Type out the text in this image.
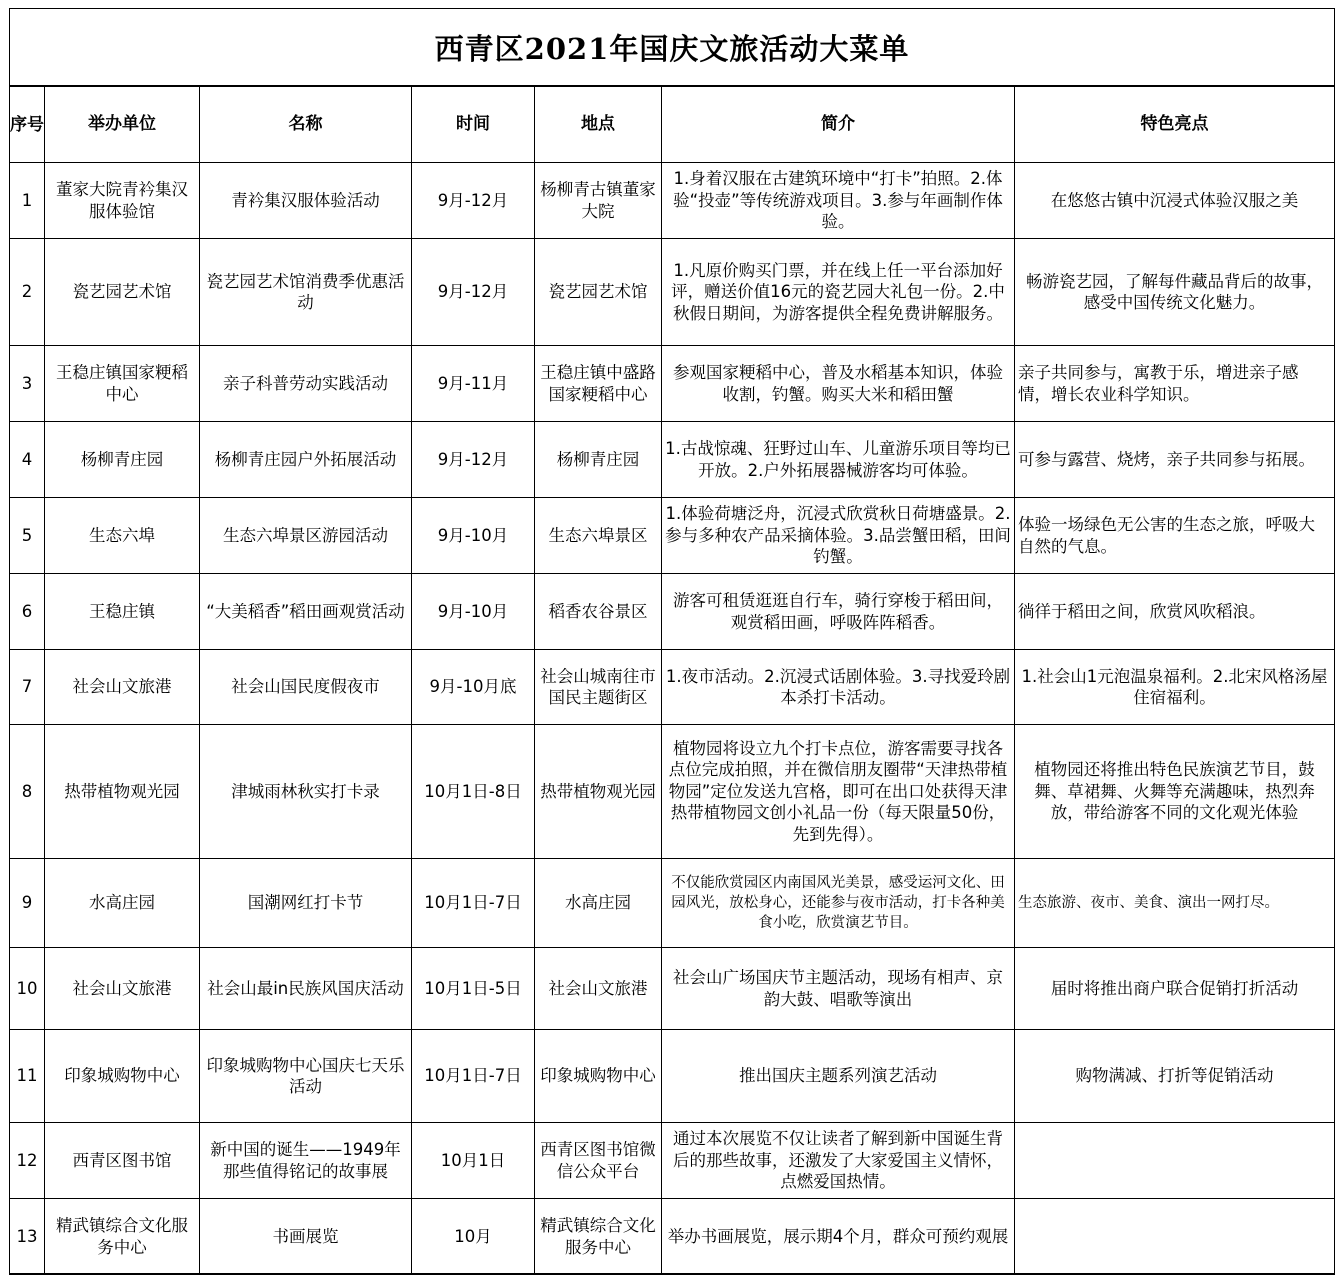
西青区2021年国庆文旅活动大菜单
序号	举办单位	名称	时间	地点	简介	特色亮点
1	董家大院青衿集汉服体验馆	青衿集汉服体验活动	9月-12月	杨柳青古镇董家大院	1.身着汉服在古建筑环境中“打卡”拍照。2.体验“投壶”等传统游戏项目。3.参与年画制作体验。	在悠悠古镇中沉浸式体验汉服之美
2	瓷艺园艺术馆	瓷艺园艺术馆消费季优惠活动	9月-12月	瓷艺园艺术馆	1.凡原价购买门票，并在线上任一平台添加好评，赠送价值16元的瓷艺园大礼包一份。2.中秋假日期间，为游客提供全程免费讲解服务。	畅游瓷艺园，了解每件藏品背后的故事，感受中国传统文化魅力。
3	王稳庄镇国家粳稻中心	亲子科普劳动实践活动	9月-11月	王稳庄镇中盛路国家粳稻中心	参观国家粳稻中心，普及水稻基本知识，体验收割，钓蟹。购买大米和稻田蟹	亲子共同参与，寓教于乐，增进亲子感情，增长农业科学知识。
4	杨柳青庄园	杨柳青庄园户外拓展活动	9月-12月	杨柳青庄园	1.古战惊魂、狂野过山车、儿童游乐项目等均已开放。2.户外拓展器械游客均可体验。	可参与露营、烧烤，亲子共同参与拓展。
5	生态六埠	生态六埠景区游园活动	9月-10月	生态六埠景区	1.体验荷塘泛舟，沉浸式欣赏秋日荷塘盛景。2.参与多种农产品采摘体验。3.品尝蟹田稻，田间钓蟹。	体验一场绿色无公害的生态之旅，呼吸大自然的气息。
6	王稳庄镇	“大美稻香”稻田画观赏活动	9月-10月	稻香农谷景区	游客可租赁逛逛自行车，骑行穿梭于稻田间，观赏稻田画，呼吸阵阵稻香。	徜徉于稻田之间，欣赏风吹稻浪。
7	社会山文旅港	社会山国民度假夜市	9月-10月底	社会山城南往市国民主题街区	1.夜市活动。2.沉浸式话剧体验。3.寻找爱玲剧本杀打卡活动。	1.社会山1元泡温泉福利。2.北宋风格汤屋住宿福利。
8	热带植物观光园	津城雨林秋实打卡录	10月1日-8日	热带植物观光园	植物园将设立九个打卡点位，游客需要寻找各点位完成拍照，并在微信朋友圈带“天津热带植物园”定位发送九宫格，即可在出口处获得天津热带植物园文创小礼品一份（每天限量50份，先到先得）。	植物园还将推出特色民族演艺节目，鼓舞、草裙舞、火舞等充满趣味，热烈奔放，带给游客不同的文化观光体验
9	水高庄园	国潮网红打卡节	10月1日-7日	水高庄园	不仅能欣赏园区内南国风光美景，感受运河文化、田园风光，放松身心，还能参与夜市活动，打卡各种美食小吃，欣赏演艺节目。	生态旅游、夜市、美食、演出一网打尽。
10	社会山文旅港	社会山最in民族风国庆活动	10月1日-5日	社会山文旅港	社会山广场国庆节主题活动，现场有相声、京韵大鼓、唱歌等演出	届时将推出商户联合促销打折活动
11	印象城购物中心	印象城购物中心国庆七天乐活动	10月1日-7日	印象城购物中心	推出国庆主题系列演艺活动	购物满减、打折等促销活动
12	西青区图书馆	新中国的诞生——1949年那些值得铭记的故事展	10月1日	西青区图书馆微信公众平台	通过本次展览不仅让读者了解到新中国诞生背后的那些故事，还激发了大家爱国主义情怀，点燃爱国热情。	
13	精武镇综合文化服务中心	书画展览	10月	精武镇综合文化服务中心	举办书画展览，展示期4个月，群众可预约观展	
